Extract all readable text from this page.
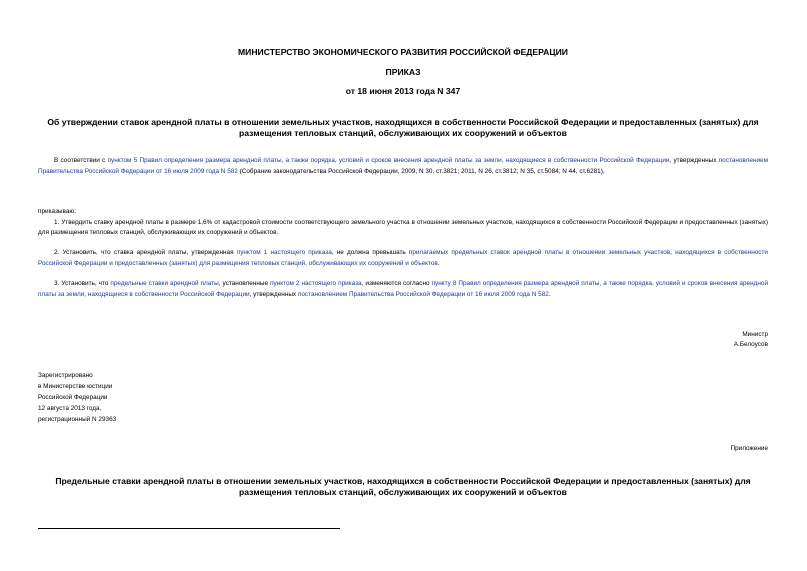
МИНИСТЕРСТВО ЭКОНОМИЧЕСКОГО РАЗВИТИЯ РОССИЙСКОЙ ФЕДЕРАЦИИ
ПРИКАЗ
от 18 июня 2013 года N 347
Об утверждении ставок арендной платы в отношении земельных участков, находящихся в собственности Российской Федерации и предоставленных (занятых) для размещения тепловых станций, обслуживающих их сооружений и объектов
В соответствии с пунктом 5 Правил определения размера арендной платы, а также порядка, условий и сроков внесения арендной платы за земли, находящиеся в собственности Российской Федерации, утвержденных постановлением Правительства Российской Федерации от 16 июля 2009 года N 582 (Собрание законодательства Российской Федерации, 2009, N 30, ст.3821; 2011, N 26, ст.3812; N 35, ст.5084; N 44, ст.6281),
приказываю:
1. Утвердить ставку арендной платы в размере 1,6% от кадастровой стоимости соответствующего земельного участка в отношении земельных участков, находящихся в собственности Российской Федерации и предоставленных (занятых) для размещения тепловых станций, обслуживающих их сооружений и объектов.
2. Установить, что ставка арендной платы, утвержденная пунктом 1 настоящего приказа, не должна превышать прилагаемых предельных ставок арендной платы в отношении земельных участков, находящихся в собственности Российской Федерации и предоставленных (занятых) для размещения тепловых станций, обслуживающих их сооружений и объектов.
3. Установить, что предельные ставки арендной платы, установленные пунктом 2 настоящего приказа, изменяются согласно пункту 8 Правил определения размера арендной платы, а также порядка, условий и сроков внесения арендной платы за земли, находящиеся в собственности Российской Федерации, утвержденных постановлением Правительства Российской Федерации от 16 июля 2009 года N 582.
Министр
А.Белоусов
Зарегистрировано
в Министерстве юстиции
Российской Федерации
12 августа 2013 года,
регистрационный N 29363
Приложение
Предельные ставки арендной платы в отношении земельных участков, находящихся в собственности Российской Федерации и предоставленных (занятых) для размещения тепловых станций, обслуживающих их сооружений и объектов
